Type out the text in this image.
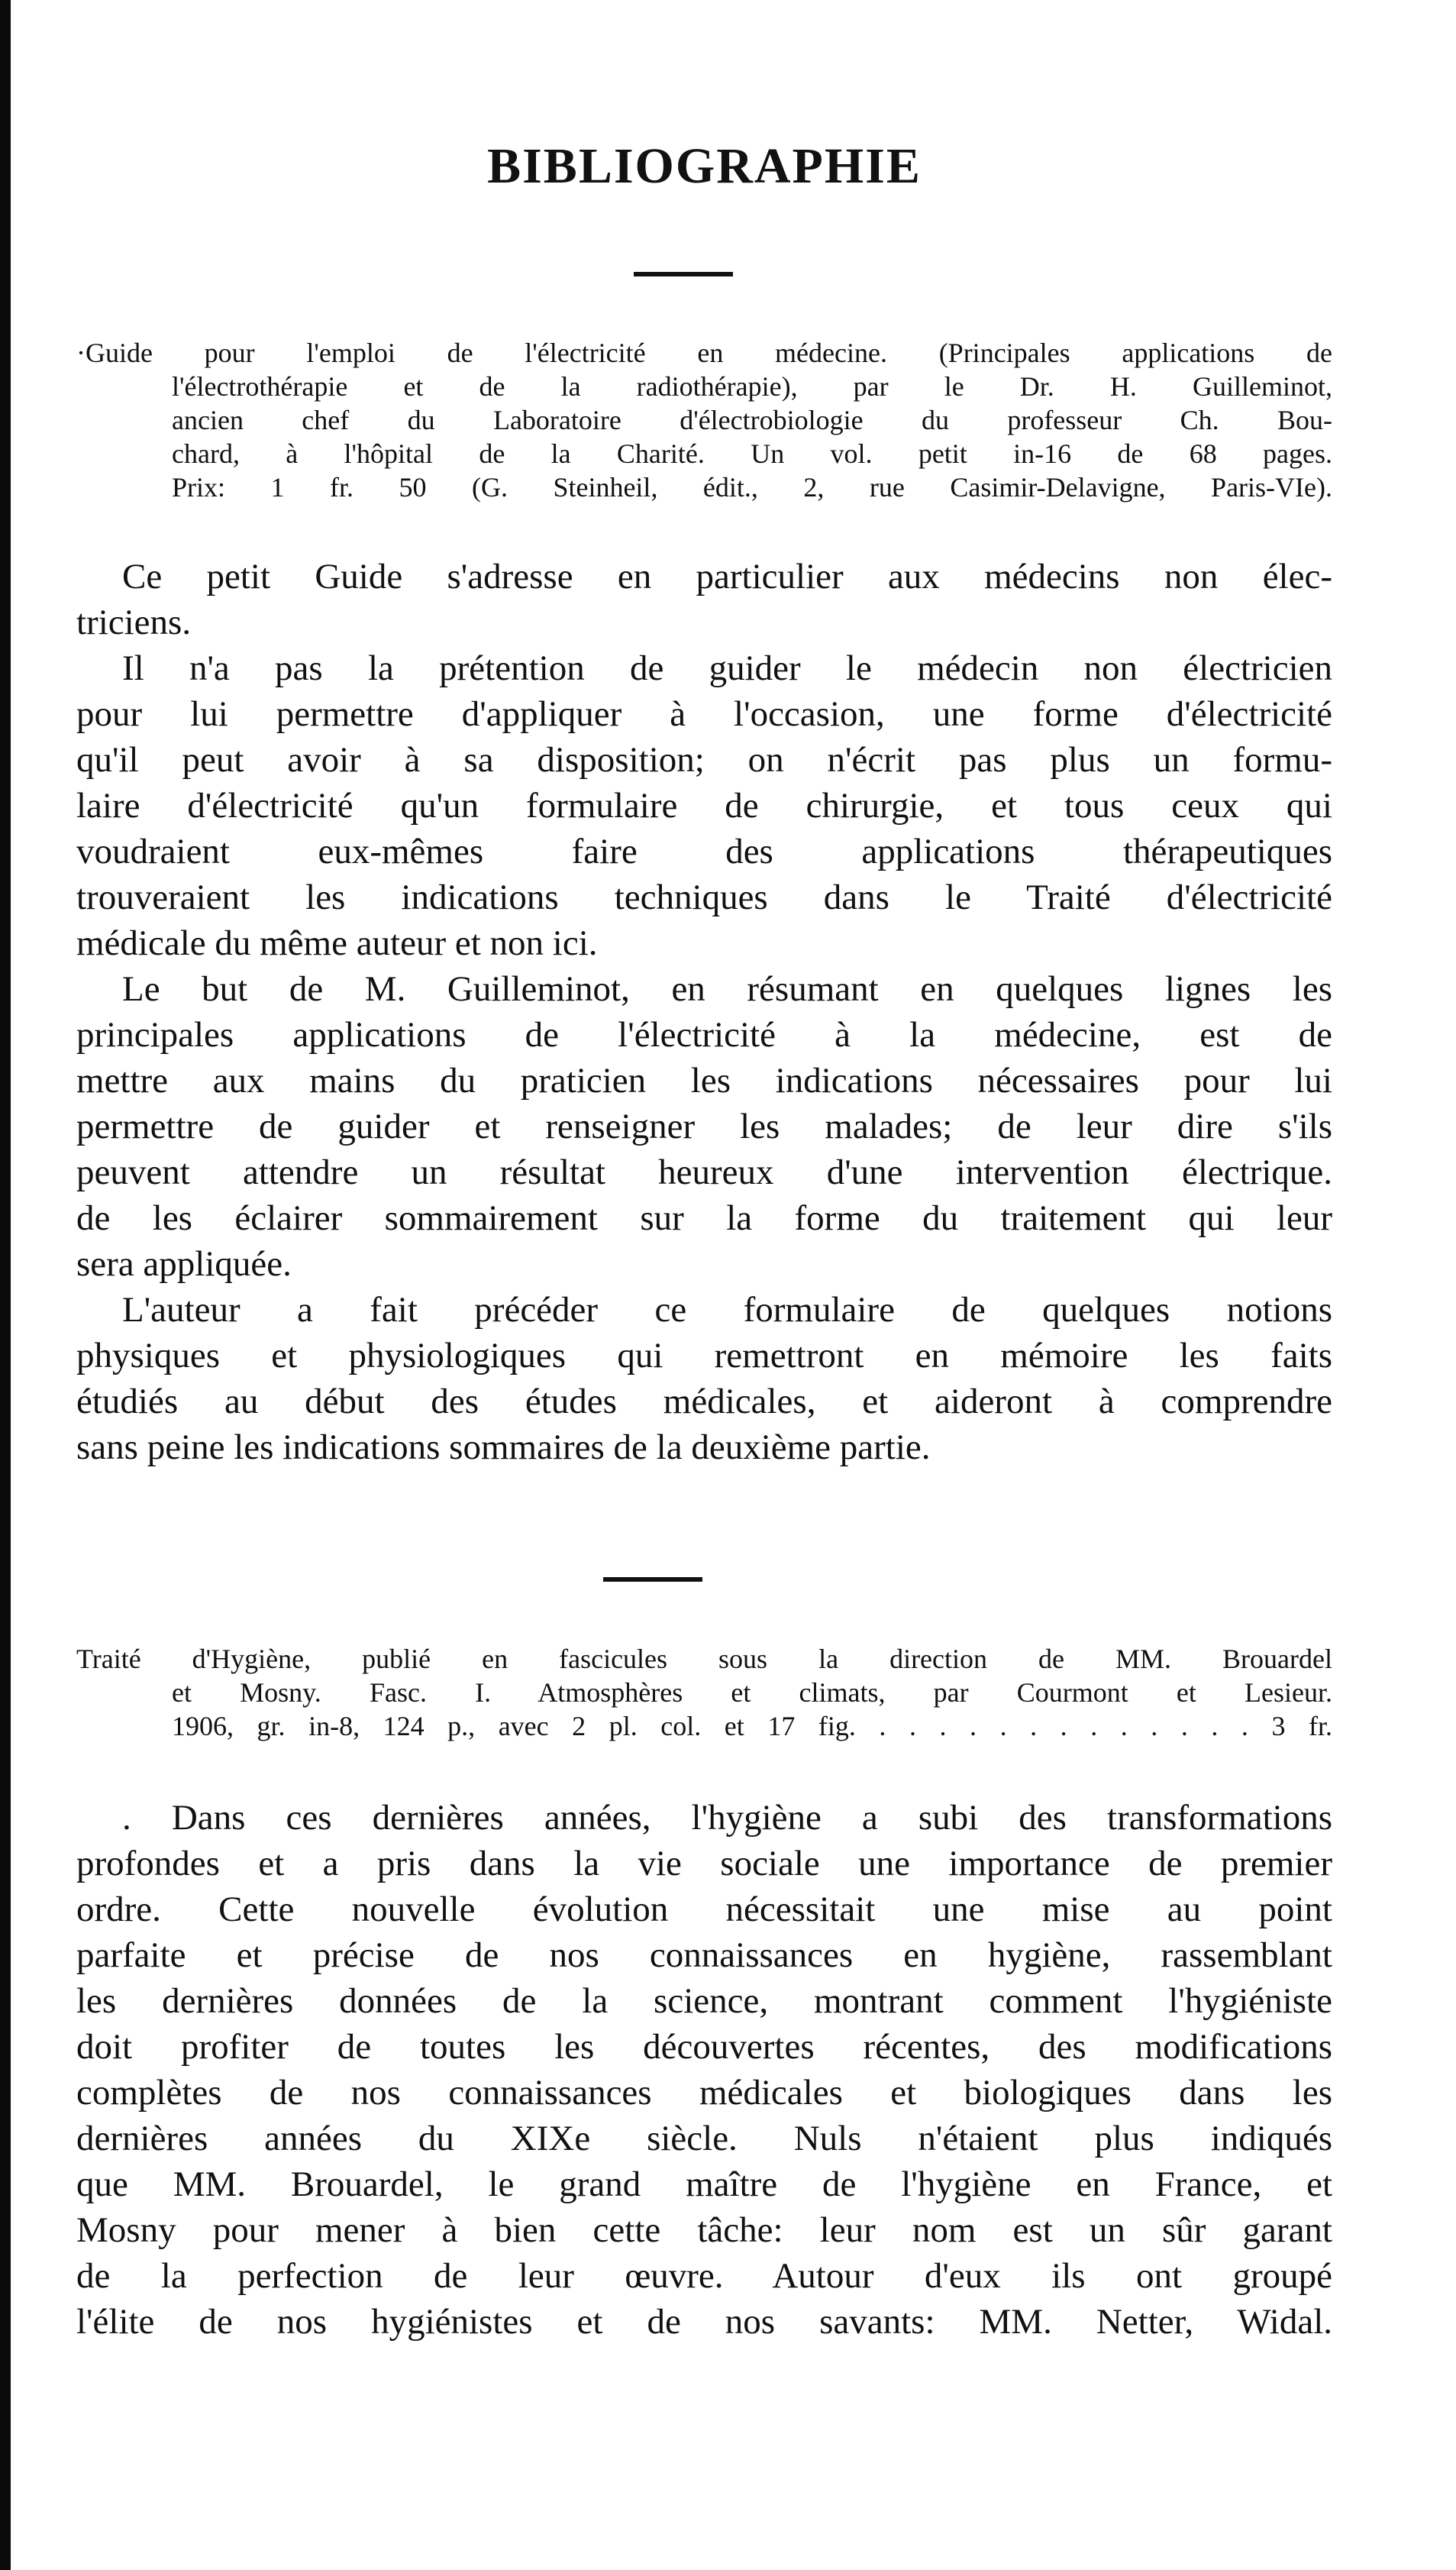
BIBLIOGRAPHIE
·Guide pour l'emploi de l'électricité en médecine. (Principales applications de
l'électrothérapie et de la radiothérapie), par le Dr. H. Guilleminot,
ancien chef du Laboratoire d'électrobiologie du professeur Ch. Bou-
chard, à l'hôpital de la Charité. Un vol. petit in-16 de 68 pages.
Prix: 1 fr. 50 (G. Steinheil, édit., 2, rue Casimir-Delavigne, Paris-VIe).
Ce petit Guide s'adresse en particulier aux médecins non élec-
triciens.
Il n'a pas la prétention de guider le médecin non électricien
pour lui permettre d'appliquer à l'occasion, une forme d'électricité
qu'il peut avoir à sa disposition; on n'écrit pas plus un formu-
laire d'électricité qu'un formulaire de chirurgie, et tous ceux qui
voudraient eux-mêmes faire des applications thérapeutiques
trouveraient les indications techniques dans le Traité d'électricité
médicale du même auteur et non ici.
Le but de M. Guilleminot, en résumant en quelques lignes les
principales applications de l'électricité à la médecine, est de
mettre aux mains du praticien les indications nécessaires pour lui
permettre de guider et renseigner les malades; de leur dire s'ils
peuvent attendre un résultat heureux d'une intervention électrique.
de les éclairer sommairement sur la forme du traitement qui leur
sera appliquée.
L'auteur a fait précéder ce formulaire de quelques notions
physiques et physiologiques qui remettront en mémoire les faits
étudiés au début des études médicales, et aideront à comprendre
sans peine les indications sommaires de la deuxième partie.
Traité d'Hygiène, publié en fascicules sous la direction de MM. Brouardel
et Mosny. Fasc. I. Atmosphères et climats, par Courmont et Lesieur.
1906, gr. in-8, 124 p., avec 2 pl. col. et 17 fig. . . . . . . . . . . . . . 3 fr.
. Dans ces dernières années, l'hygiène a subi des transformations
profondes et a pris dans la vie sociale une importance de premier
ordre. Cette nouvelle évolution nécessitait une mise au point
parfaite et précise de nos connaissances en hygiène, rassemblant
les dernières données de la science, montrant comment l'hygiéniste
doit profiter de toutes les découvertes récentes, des modifications
complètes de nos connaissances médicales et biologiques dans les
dernières années du XIXe siècle. Nuls n'étaient plus indiqués
que MM. Brouardel, le grand maître de l'hygiène en France, et
Mosny pour mener à bien cette tâche: leur nom est un sûr garant
de la perfection de leur œuvre. Autour d'eux ils ont groupé
l'élite de nos hygiénistes et de nos savants: MM. Netter, Widal.
